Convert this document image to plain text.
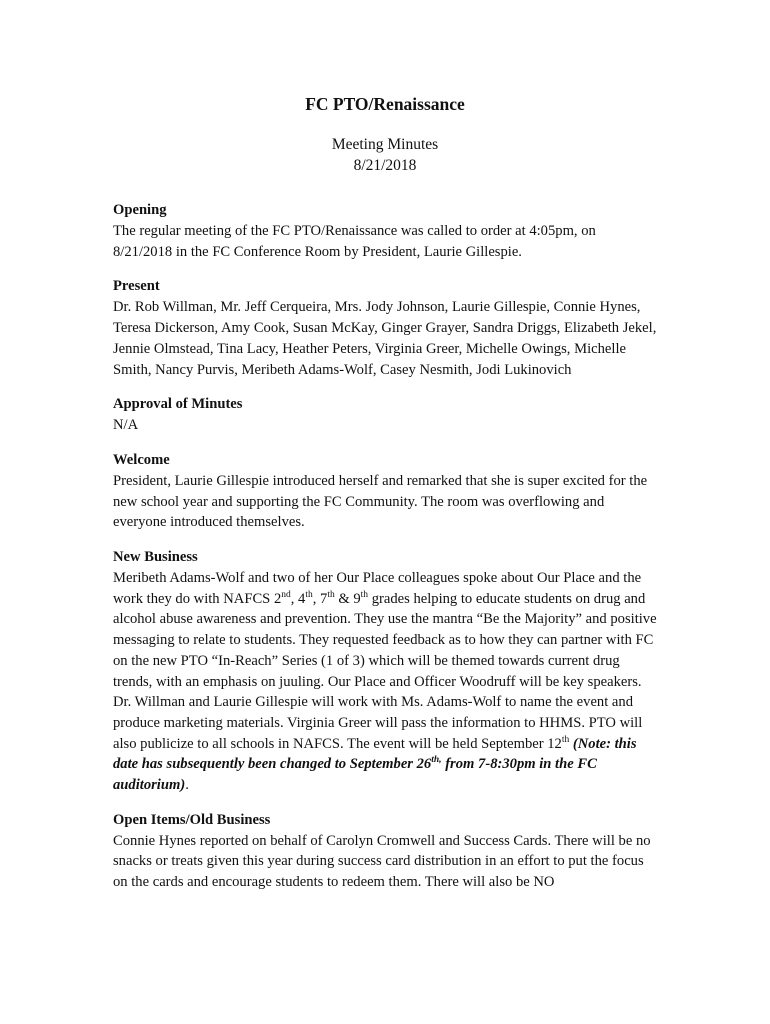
FC PTO/Renaissance
Meeting Minutes
8/21/2018
Opening

The regular meeting of the FC PTO/Renaissance was called to order at 4:05pm, on 8/21/2018 in the FC Conference Room by President, Laurie Gillespie.

Present

Dr. Rob Willman, Mr. Jeff Cerqueira, Mrs. Jody Johnson, Laurie Gillespie, Connie Hynes, Teresa Dickerson, Amy Cook, Susan McKay, Ginger Grayer, Sandra Driggs, Elizabeth Jekel, Jennie Olmstead, Tina Lacy, Heather Peters, Virginia Greer, Michelle Owings, Michelle Smith, Nancy Purvis, Meribeth Adams-Wolf, Casey Nesmith, Jodi Lukinovich

Approval of Minutes

N/A

Welcome

President, Laurie Gillespie introduced herself and remarked that she is super excited for the new school year and supporting the FC Community. The room was overflowing and everyone introduced themselves.

New Business

Meribeth Adams-Wolf and two of her Our Place colleagues spoke about Our Place and the work they do with NAFCS 2nd, 4th, 7th & 9th grades helping to educate students on drug and alcohol abuse awareness and prevention. They use the mantra “Be the Majority” and positive messaging to relate to students. They requested feedback as to how they can partner with FC on the new PTO “In-Reach” Series (1 of 3) which will be themed towards current drug trends, with an emphasis on juuling. Our Place and Officer Woodruff will be key speakers. Dr. Willman and Laurie Gillespie will work with Ms. Adams-Wolf to name the event and produce marketing materials. Virginia Greer will pass the information to HHMS. PTO will also publicize to all schools in NAFCS. The event will be held September 12th (Note: this date has subsequently been changed to September $26^{th,}$ from 7-8:30pm in the FC auditorium).

Open Items/Old Business

Connie Hynes reported on behalf of Carolyn Cromwell and Success Cards. There will be no snacks or treats given this year during success card distribution in an effort to put the focus on the cards and encourage students to redeem them. There will also be NO
